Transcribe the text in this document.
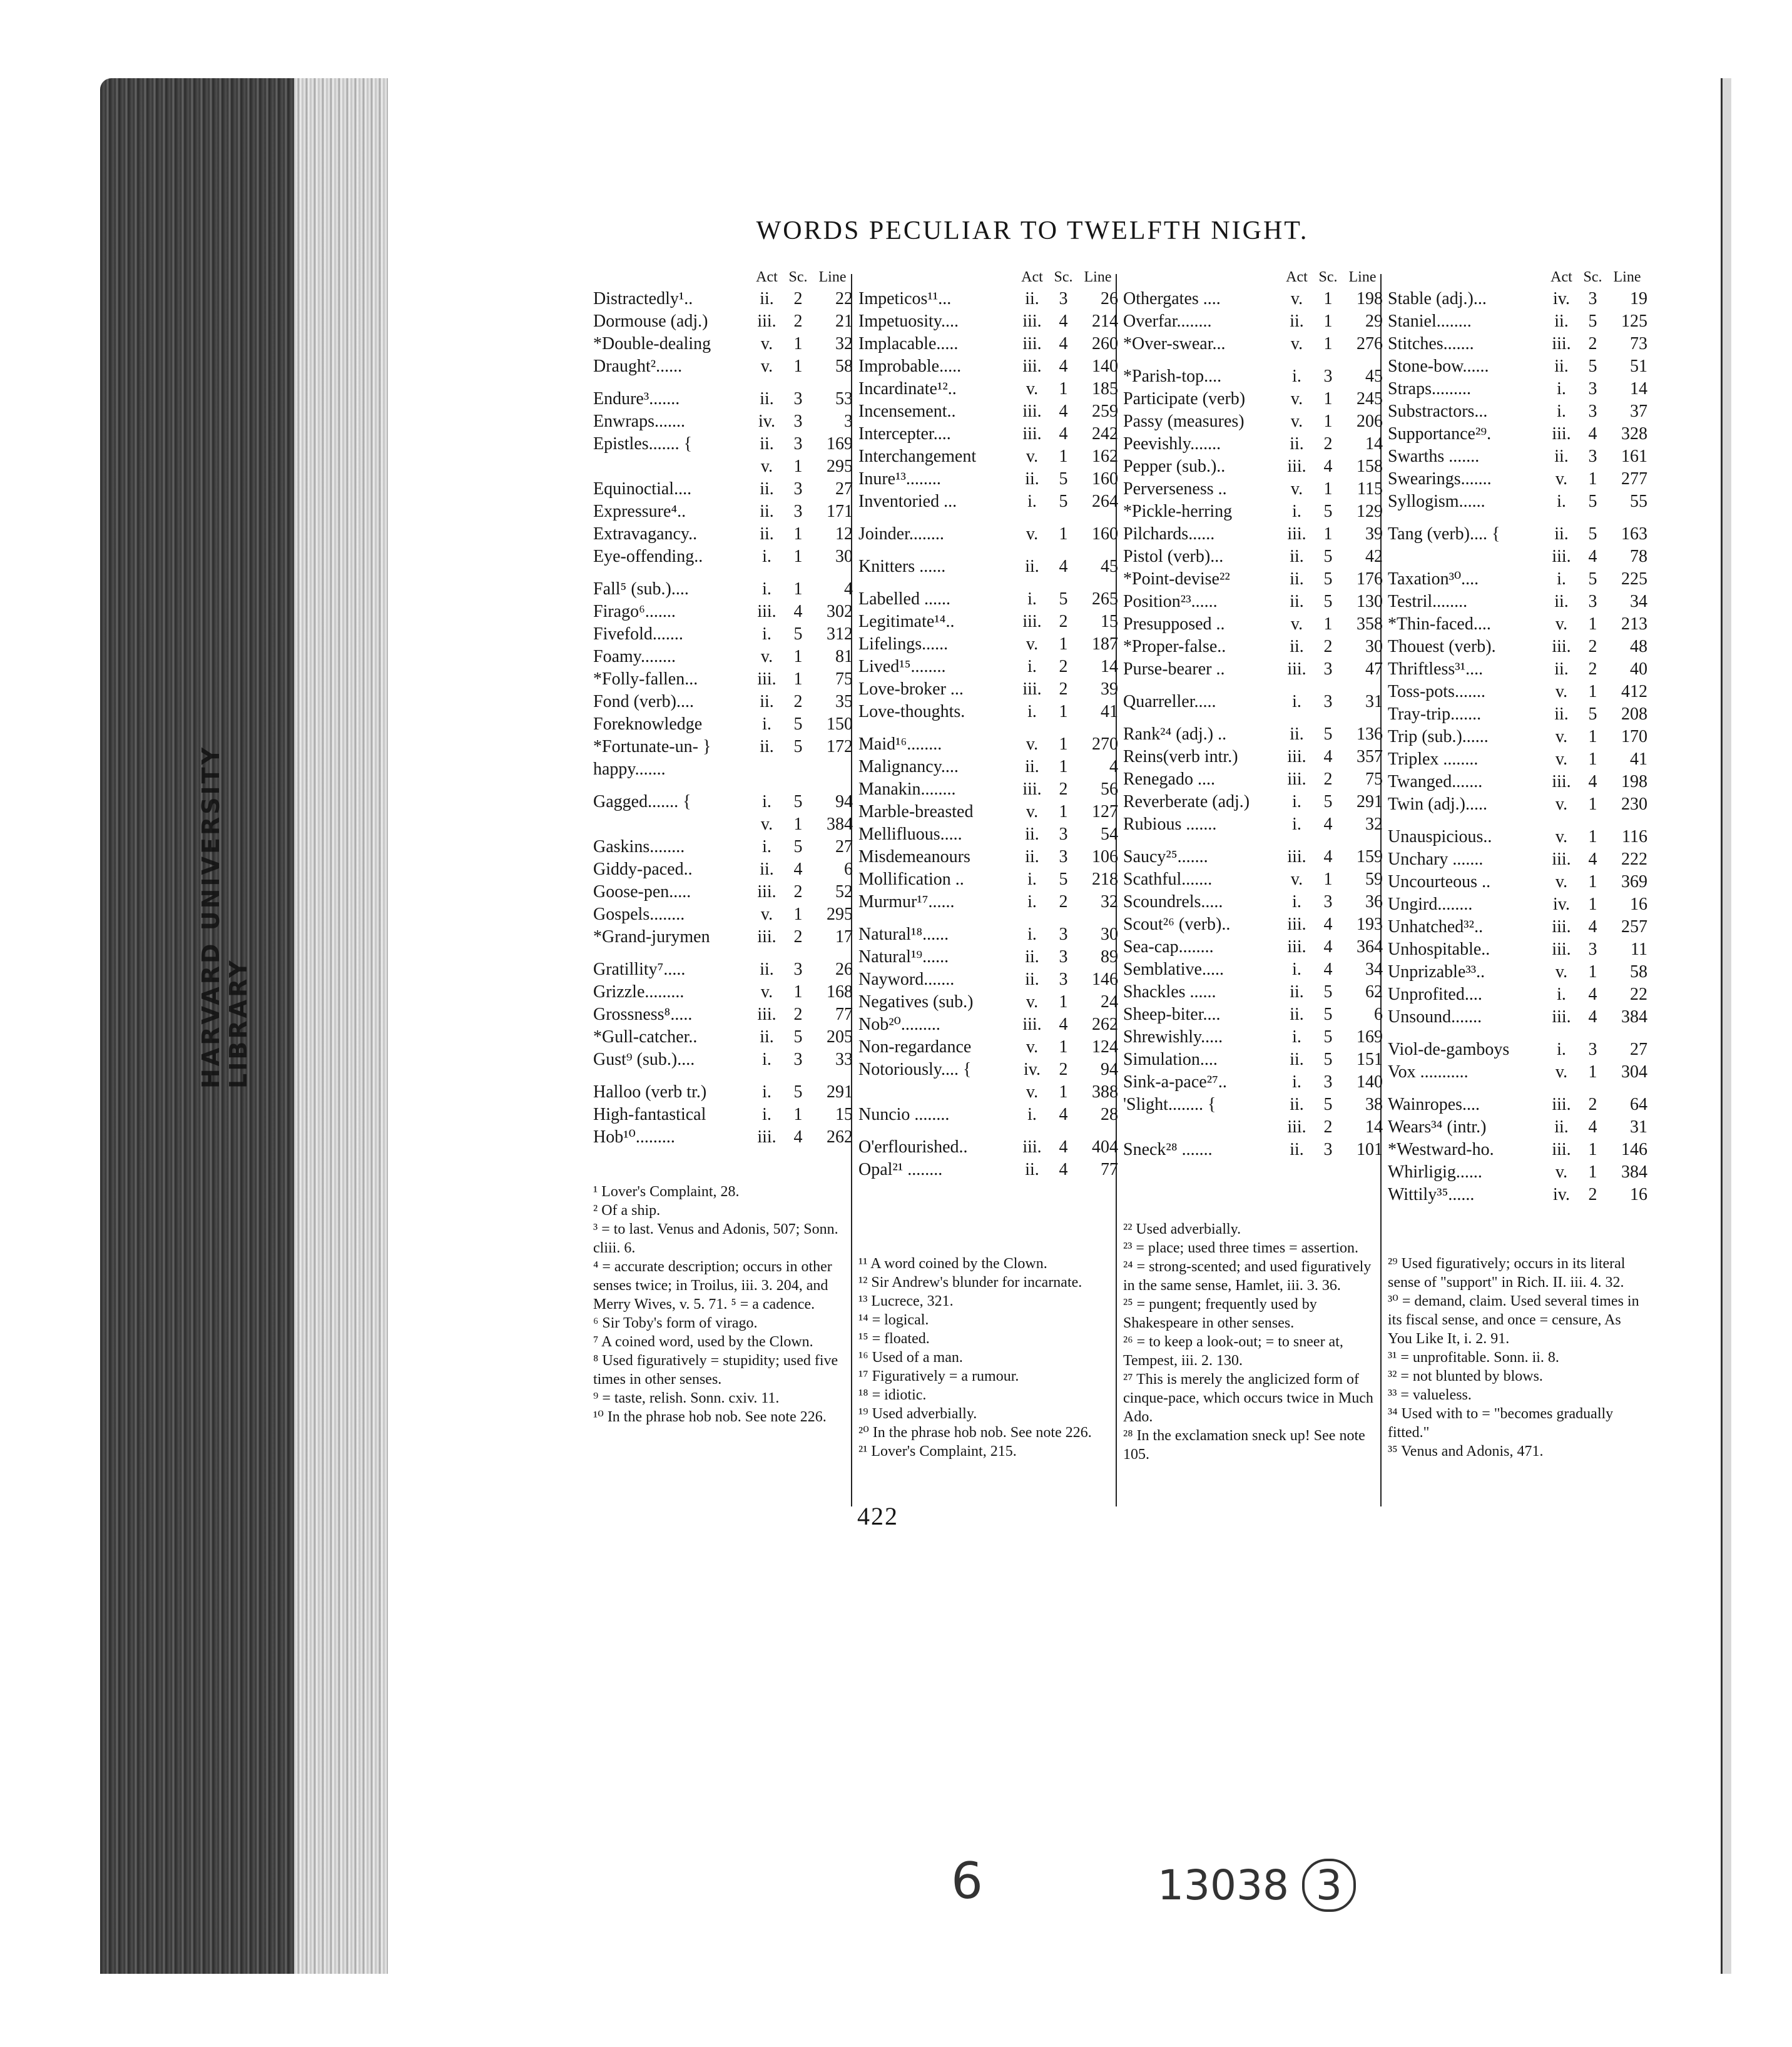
HARVARD UNIVERSITY LIBRARY
WORDS PECULIAR TO TWELFTH NIGHT.
Act Sc. Line
Distractedly¹..	ii.	2	22
Dormouse (adj.)	iii. 2	21
*Double-dealing	v.	1	32
Draught²......	v.	1	58
Endure³.......	ii.	3	53
Enwraps.......	iv.	3	3
Epistles....... {	ii.	3	169
v.	1	295
Equinoctial....	ii.	3	27
Expressure⁴..	ii.	3	171
Extravagancy..	ii.	1	12
Eye-offending..	i.	1	30
Fall⁵ (sub.)....	i.	1	4
Firago⁶.......	iii. 4	302
Fivefold.......	i.	5	312
Foamy........	v.	1	81
*Folly-fallen...	iii. 1	75
Fond (verb)....	ii.	2	35
Foreknowledge	i.	5	150
*Fortunate-un- }	ii.	5	172
happy.......
Gagged....... {	i.	5	94
v.	1	384
Gaskins........	i.	5	27
Giddy-paced..	ii.	4	6
Goose-pen.....	iii. 2	52
Gospels........	v.	1	295
*Grand-jurymen	iii. 2	17
Gratillity⁷.....	ii.	3	26
Grizzle.........	v.	1	168
Grossness⁸.....	iii. 2	77
*Gull-catcher..	ii.	5	205
Gust⁹ (sub.)....	i.	3	33
Halloo (verb tr.)	i.	5	291
High-fantastical	i.	1	15
Hob¹⁰.........	iii. 4	262
Act Sc. Line
Impeticos¹¹...	ii.	3	26
Impetuosity....	iii. 4	214
Implacable.....	iii. 4	260
Improbable.....	iii. 4	140
Incardinate¹²..	v.	1	185
Incensement..	iii. 4	259
Intercepter....	iii. 4	242
Interchangement	v.	1	162
Inure¹³........	ii.	5	160
Inventoried ...	i.	5	264
Joinder........	v.	1	160
Knitters ......	ii.	4	45
Labelled ......	i.	5	265
Legitimate¹⁴..	iii. 2	15
Lifelings......	v.	1	187
Lived¹⁵........	i.	2	14
Love-broker ...	iii. 2	39
Love-thoughts.	i.	1	41
Maid¹⁶........	v.	1	270
Malignancy....	ii.	1	4
Manakin........	iii. 2	56
Marble-breasted	v.	1	127
Mellifluous.....	ii.	3	54
Misdemeanours	ii.	3	106
Mollification ..	i.	5	218
Murmur¹⁷......	i.	2	32
Natural¹⁸......	i.	3	30
Natural¹⁹......	ii.	3	89
Nayword.......	ii.	3	146
Negatives (sub.)	v.	1	24
Nob²⁰.........	iii. 4	262
Non-regardance	v.	1	124
Notoriously.... {	iv.	2	94
v.	1	388
Nuncio ........	i.	4	28
O'erflourished..	iii. 4	404
Opal²¹ ........	ii.	4	77
Act Sc. Line
Othergates ....	v.	1	198
Overfar........	ii.	1	29
*Over-swear...	v.	1	276
*Parish-top....	i.	3	45
Participate (verb)	v.	1	245
Passy (measures)	v.	1	206
Peevishly.......	ii.	2	14
Pepper (sub.)..	iii. 4	158
Perverseness ..	v.	1	115
*Pickle-herring	i.	5	129
Pilchards......	iii. 1	39
Pistol (verb)...	ii.	5	42
*Point-devise²²	ii.	5	176
Position²³......	ii.	5	130
Presupposed ..	v.	1	358
*Proper-false..	ii.	2	30
Purse-bearer ..	iii. 3	47
Quarreller.....	i.	3	31
Rank²⁴ (adj.) ..	ii.	5	136
Reins(verb intr.)	iii. 4	357
Renegado ....	iii. 2	75
Reverberate (adj.)	i.	5	291
Rubious .......	i.	4	32
Saucy²⁵.......	iii. 4	159
Scathful.......	v.	1	59
Scoundrels.....	i.	3	36
Scout²⁶ (verb)..	iii. 4	193
Sea-cap........	iii. 4	364
Semblative.....	i.	4	34
Shackles ......	ii.	5	62
Sheep-biter....	ii.	5	6
Shrewishly.....	i.	5	169
Simulation....	ii.	5	151
Sink-a-pace²⁷..	i.	3	140
'Slight........ {	ii.	5	38
iii. 2	14
Sneck²⁸ .......	ii.	3	101
Act Sc. Line
Stable (adj.)...	iv.	3	19
Staniel........	ii.	5	125
Stitches.......	iii. 2	73
Stone-bow......	ii.	5	51
Straps.........	i.	3	14
Substractors...	i.	3	37
Supportance²⁹.	iii. 4	328
Swarths .......	ii.	3	161
Swearings.......	v.	1	277
Syllogism......	i.	5	55
Tang (verb).... {	ii.	5	163
iii. 4	78
Taxation³⁰....	i.	5	225
Testril........	ii.	3	34
*Thin-faced....	v.	1	213
Thouest (verb).	iii. 2	48
Thriftless³¹....	ii.	2	40
Toss-pots.......	v.	1	412
Tray-trip.......	ii.	5	208
Trip (sub.)......	v.	1	170
Triplex ........	v.	1	41
Twanged.......	iii. 4	198
Twin (adj.).....	v.	1	230
Unauspicious..	v.	1	116
Unchary .......	iii. 4	222
Uncourteous ..	v.	1	369
Ungird........	iv.	1	16
Unhatched³²..	iii. 4	257
Unhospitable..	iii. 3	11
Unprizable³³..	v.	1	58
Unprofited....	i.	4	22
Unsound.......	iii. 4	384
Viol-de-gamboys	i.	3	27
Vox ...........	v.	1	304
Wainropes....	iii. 2	64
Wears³⁴ (intr.)	ii.	4	31
*Westward-ho.	iii. 1	146
Whirligig......	v.	1	384
Wittily³⁵......	iv.	2	16
¹ Lover's Complaint, 28.
² Of a ship.
³ = to last. Venus and Adonis, 507; Sonn. cliii. 6.
⁴ = accurate description; occurs in other senses twice; in Troilus, iii. 3. 204, and Merry Wives, v. 5. 71. ⁵ = a cadence.
⁶ Sir Toby's form of virago.
⁷ A coined word, used by the Clown.
⁸ Used figuratively = stupidity; used five times in other senses.
⁹ = taste, relish. Sonn. cxiv. 11.
¹⁰ In the phrase hob nob. See note 226.
¹¹ A word coined by the Clown.
¹² Sir Andrew's blunder for incarnate.
¹³ Lucrece, 321.
¹⁴ = logical.
¹⁵ = floated.
¹⁶ Used of a man.
¹⁷ Figuratively = a rumour.
¹⁸ = idiotic.
¹⁹ Used adverbially.
²⁰ In the phrase hob nob. See note 226.
²¹ Lover's Complaint, 215.
²² Used adverbially.
²³ = place; used three times = assertion.
²⁴ = strong-scented; and used figuratively in the same sense, Hamlet, iii. 3. 36.
²⁵ = pungent; frequently used by Shakespeare in other senses.
²⁶ = to keep a look-out; = to sneer at, Tempest, iii. 2. 130.
²⁷ This is merely the anglicized form of cinque-pace, which occurs twice in Much Ado.
²⁸ In the exclamation sneck up! See note 105.
²⁹ Used figuratively; occurs in its literal sense of "support" in Rich. II. iii. 4. 32.
³⁰ = demand, claim. Used several times in its fiscal sense, and once = censure, As You Like It, i. 2. 91.
³¹ = unprofitable. Sonn. ii. 8.
³² = not blunted by blows.
³³ = valueless.
³⁴ Used with to = "becomes gradually fitted."
³⁵ Venus and Adonis, 471.
422
6	13038 3
